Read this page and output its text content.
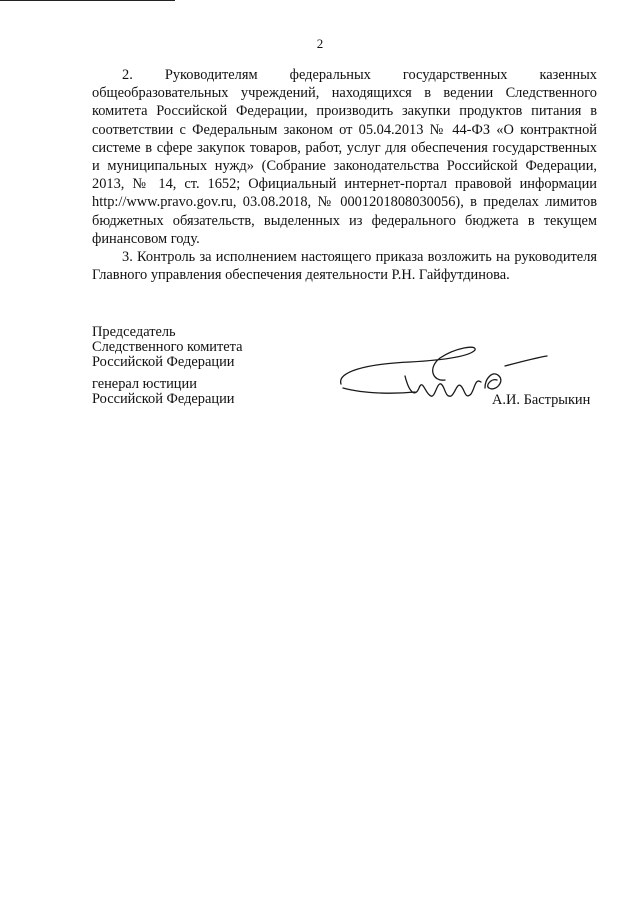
2

2. Руководителям федеральных государственных казенных общеобразовательных учреждений, находящихся в ведении Следственного комитета Российской Федерации, производить закупки продуктов питания в соответствии с Федеральным законом от 05.04.2013 № 44-ФЗ «О контрактной системе в сфере закупок товаров, работ, услуг для обеспечения государственных и муниципальных нужд» (Собрание законодательства Российской Федерации, 2013, № 14, ст. 1652; Официальный интернет-портал правовой информации http://www.pravo.gov.ru, 03.08.2018, № 0001201808030056), в пределах лимитов бюджетных обязательств, выделенных из федерального бюджета в текущем финансовом году.

3. Контроль за исполнением настоящего приказа возложить на руководителя Главного управления обеспечения деятельности Р.Н. Гайфутдинова.

Председатель
Следственного комитета
Российской Федерации
генерал юстиции
Российской Федерации	А.И. Бастрыкин
